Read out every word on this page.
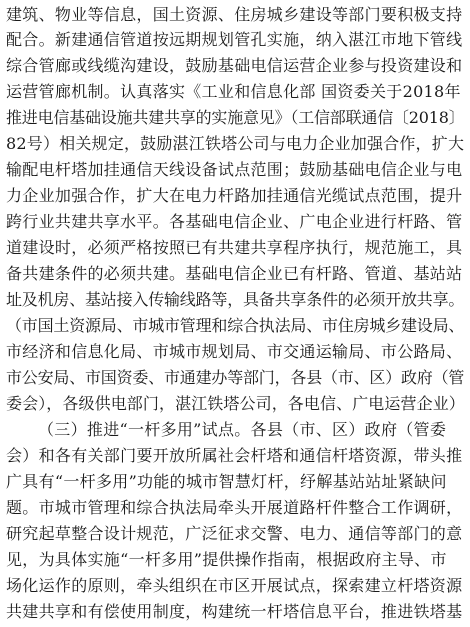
建筑、物业等信息，国土资源、住房城乡建设等部门要积极支持
配合。新建通信管道按远期规划管孔实施，纳入湛江市地下管线
综合管廊或线缆沟建设，鼓励基础电信运营企业参与投资建设和
运营管廊机制。认真落实《工业和信息化部 国资委关于2018年
推进电信基础设施共建共享的实施意见》（工信部联通信〔2018〕
82号）相关规定，鼓励湛江铁塔公司与电力企业加强合作，扩大
输配电杆塔加挂通信天线设备试点范围；鼓励基础电信企业与电
力企业加强合作，扩大在电力杆路加挂通信光缆试点范围，提升
跨行业共建共享水平。各基础电信企业、广电企业进行杆路、管
道建设时，必须严格按照已有共建共享程序执行，规范施工，具
备共建条件的必须共建。基础电信企业已有杆路、管道、基站站
址及机房、基站接入传输线路等，具备共享条件的必须开放共享。
（市国土资源局、市城市管理和综合执法局、市住房城乡建设局、
市经济和信息化局、市城市规划局、市交通运输局、市公路局、
市公安局、市国资委、市通建办等部门，各县（市、区）政府（管
委会），各级供电部门，湛江铁塔公司，各电信、广电运营企业）
（三）推进“一杆多用”试点。各县（市、区）政府（管委
会）和各有关部门要开放所属社会杆塔和通信杆塔资源，带头推
广具有“一杆多用”功能的城市智慧灯杆，纾解基站站址紧缺问
题。市城市管理和综合执法局牵头开展道路杆件整合工作调研，
研究起草整合设计规范，广泛征求交警、电力、通信等部门的意
见，为具体实施“一杆多用”提供操作指南，根据政府主导、市
场化运作的原则，牵头组织在市区开展试点，探索建立杆塔资源
共建共享和有偿使用制度，构建统一杆塔信息平台，推进铁塔基
